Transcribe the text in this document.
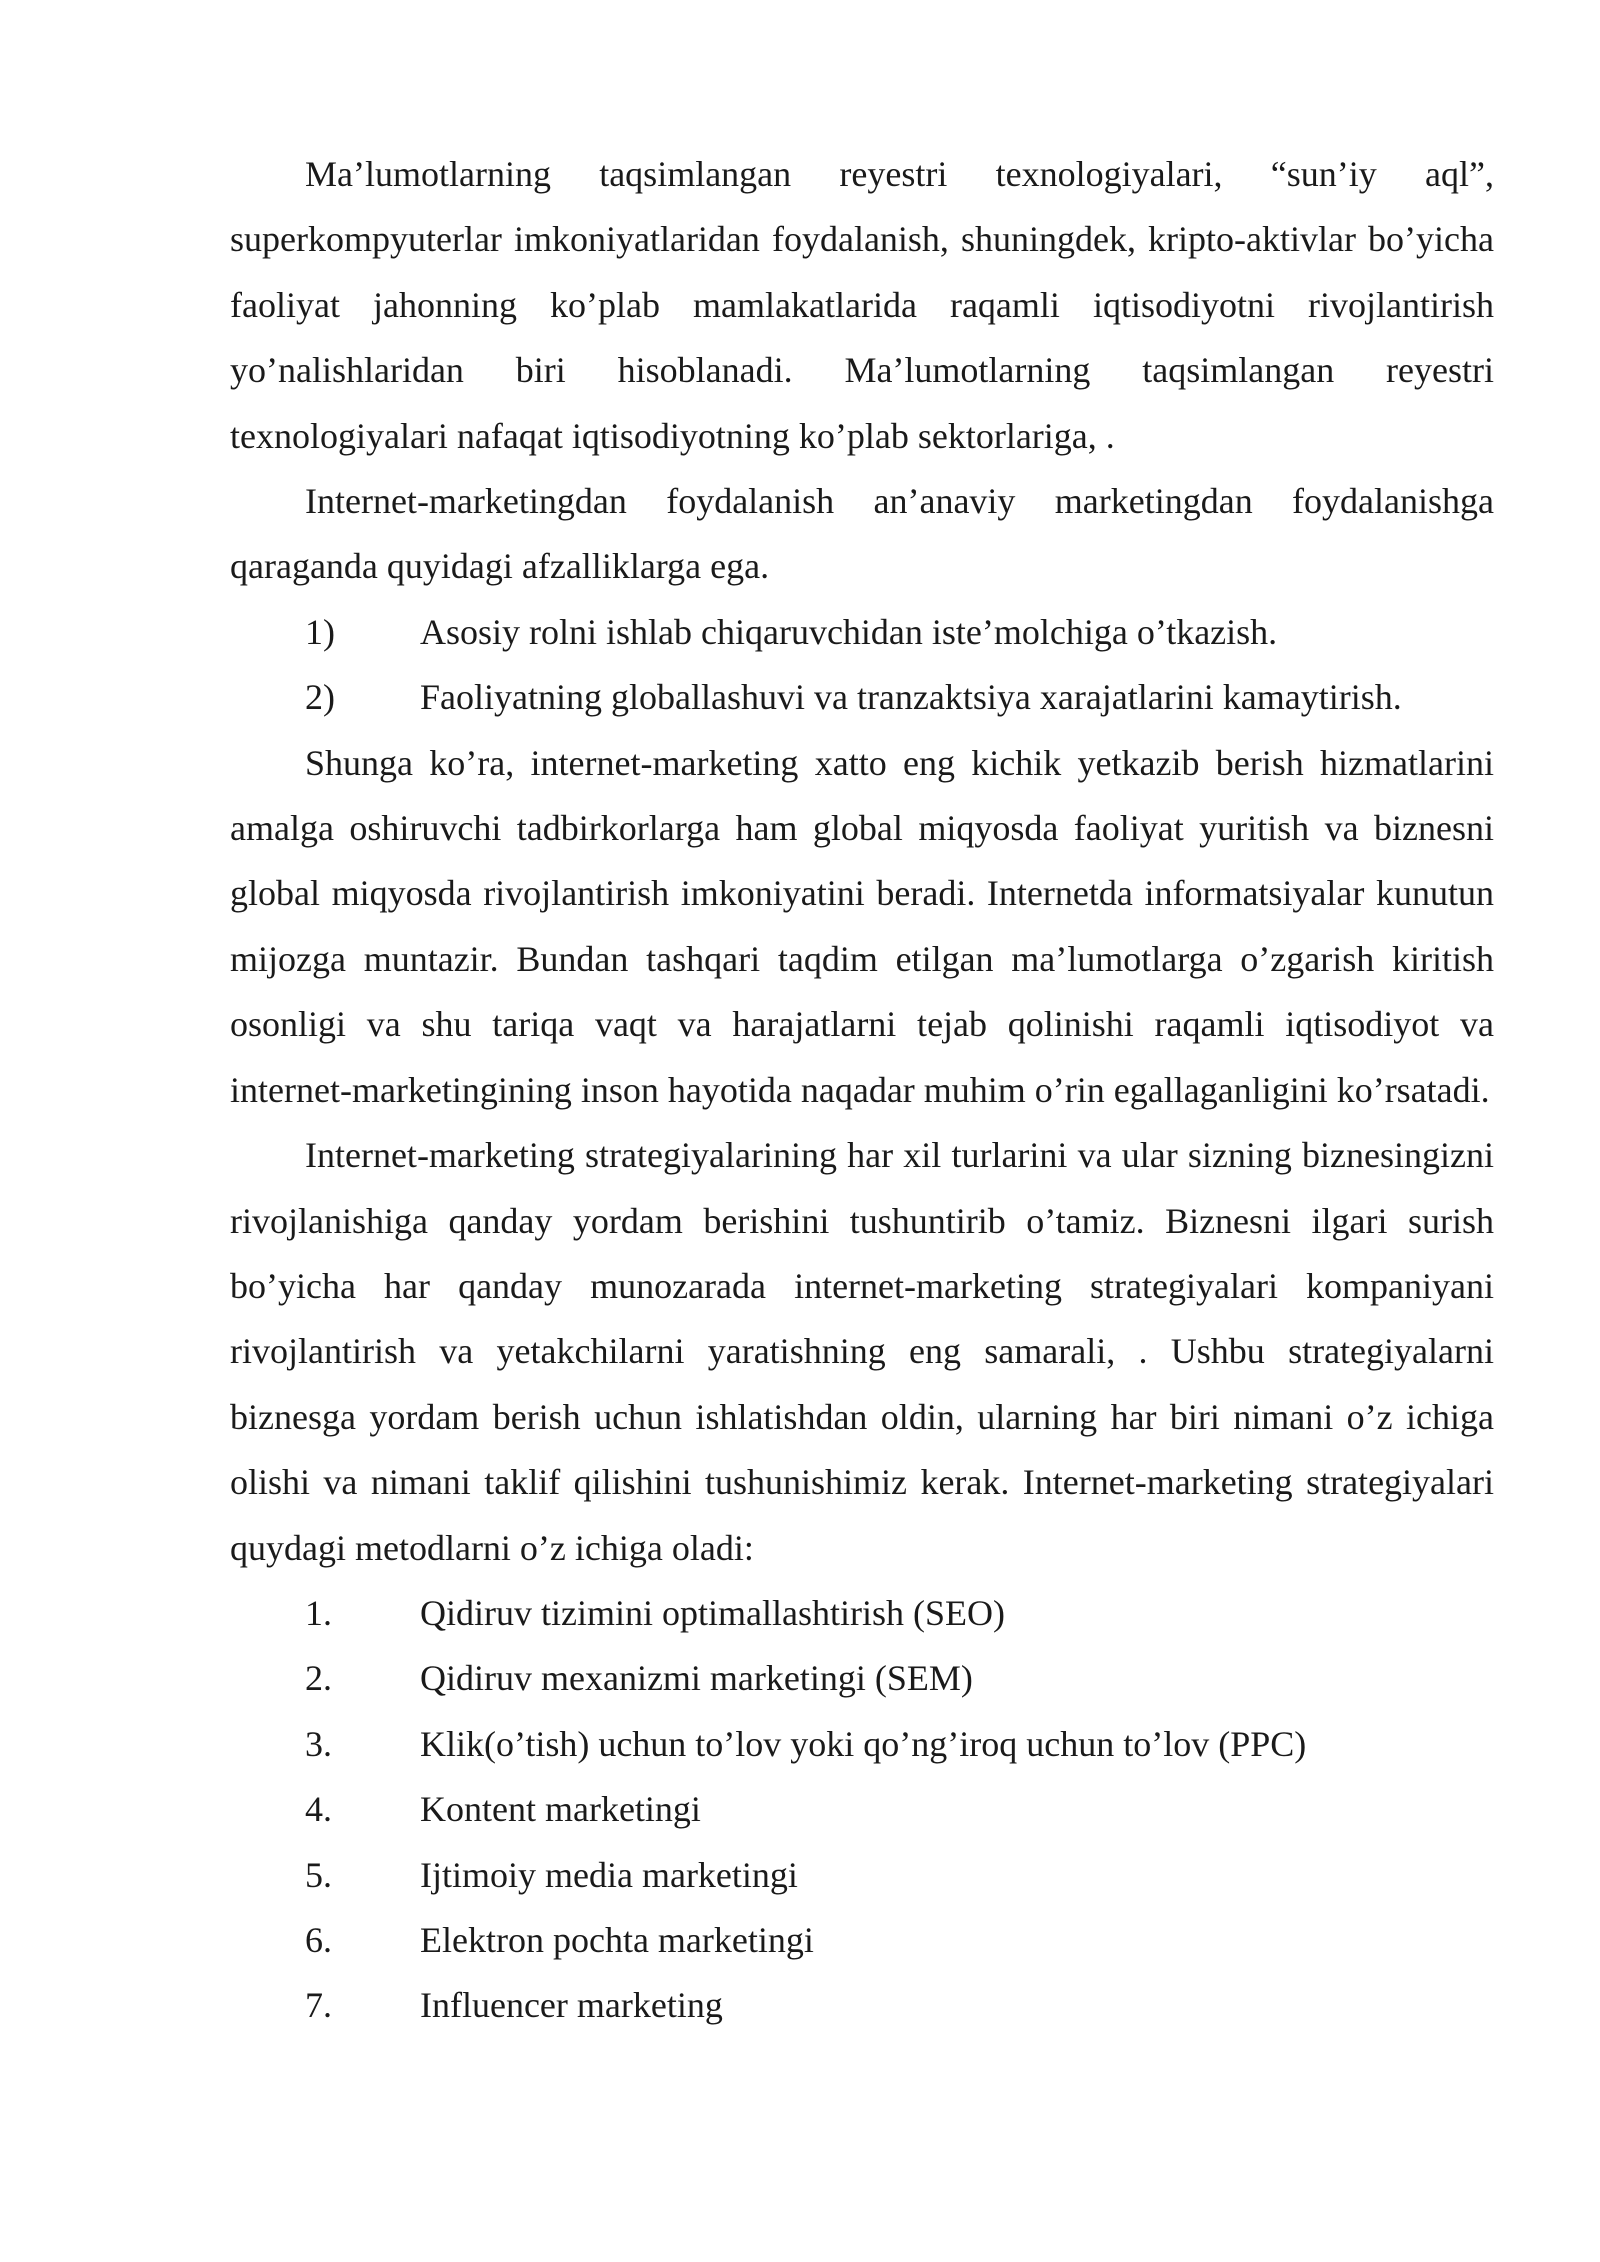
Ma’lumotlarning taqsimlangan reyestri texnologiyalari, “sun’iy aql”, superkompyuterlar imkoniyatlaridan foydalanish, shuningdek, kripto-aktivlar bo’yicha faoliyat jahonning ko’plab mamlakatlarida raqamli iqtisodiyotni rivojlantirish yo’nalishlaridan biri hisoblanadi. Ma’lumotlarning taqsimlangan reyestri texnologiyalari nafaqat iqtisodiyotning ko’plab sektorlariga, .

Internet-marketingdan foydalanish an’anaviy marketingdan foydalanishga qaraganda quyidagi afzalliklarga ega.

1)	Asosiy rolni ishlab chiqaruvchidan iste’molchiga o’tkazish.
2)	Faoliyatning globallashuvi va tranzaktsiya xarajatlarini kamaytirish.

Shunga ko’ra, internet-marketing xatto eng kichik yetkazib berish hizmatlarini amalga oshiruvchi tadbirkorlarga ham global miqyosda faoliyat yuritish va biznesni global miqyosda rivojlantirish imkoniyatini beradi. Internetda informatsiyalar kunutun mijozga muntazir. Bundan tashqari taqdim etilgan ma’lumotlarga o’zgarish kiritish osonligi va shu tariqa vaqt va harajatlarni tejab qolinishi raqamli iqtisodiyot va internet-marketingining inson hayotida naqadar muhim o’rin egallaganligini ko’rsatadi.

Internet-marketing strategiyalarining har xil turlarini va ular sizning biznesingizni rivojlanishiga qanday yordam berishini tushuntirib o’tamiz. Biznesni ilgari surish bo’yicha har qanday munozarada internet-marketing strategiyalari kompaniyani rivojlantirish va yetakchilarni yaratishning eng samarali, . Ushbu strategiyalarni biznesga yordam berish uchun ishlatishdan oldin, ularning har biri nimani o’z ichiga olishi va nimani taklif qilishini tushunishimiz kerak. Internet-marketing strategiyalari quydagi metodlarni o’z ichiga oladi:

1.	Qidiruv tizimini optimallashtirish (SEO)
2.	Qidiruv mexanizmi marketingi (SEM)
3.	Klik(o’tish) uchun to’lov yoki qo’ng’iroq uchun to’lov (PPC)
4.	Kontent marketingi
5.	Ijtimoiy media marketingi
6.	Elektron pochta marketingi
7.	Influencer marketing
